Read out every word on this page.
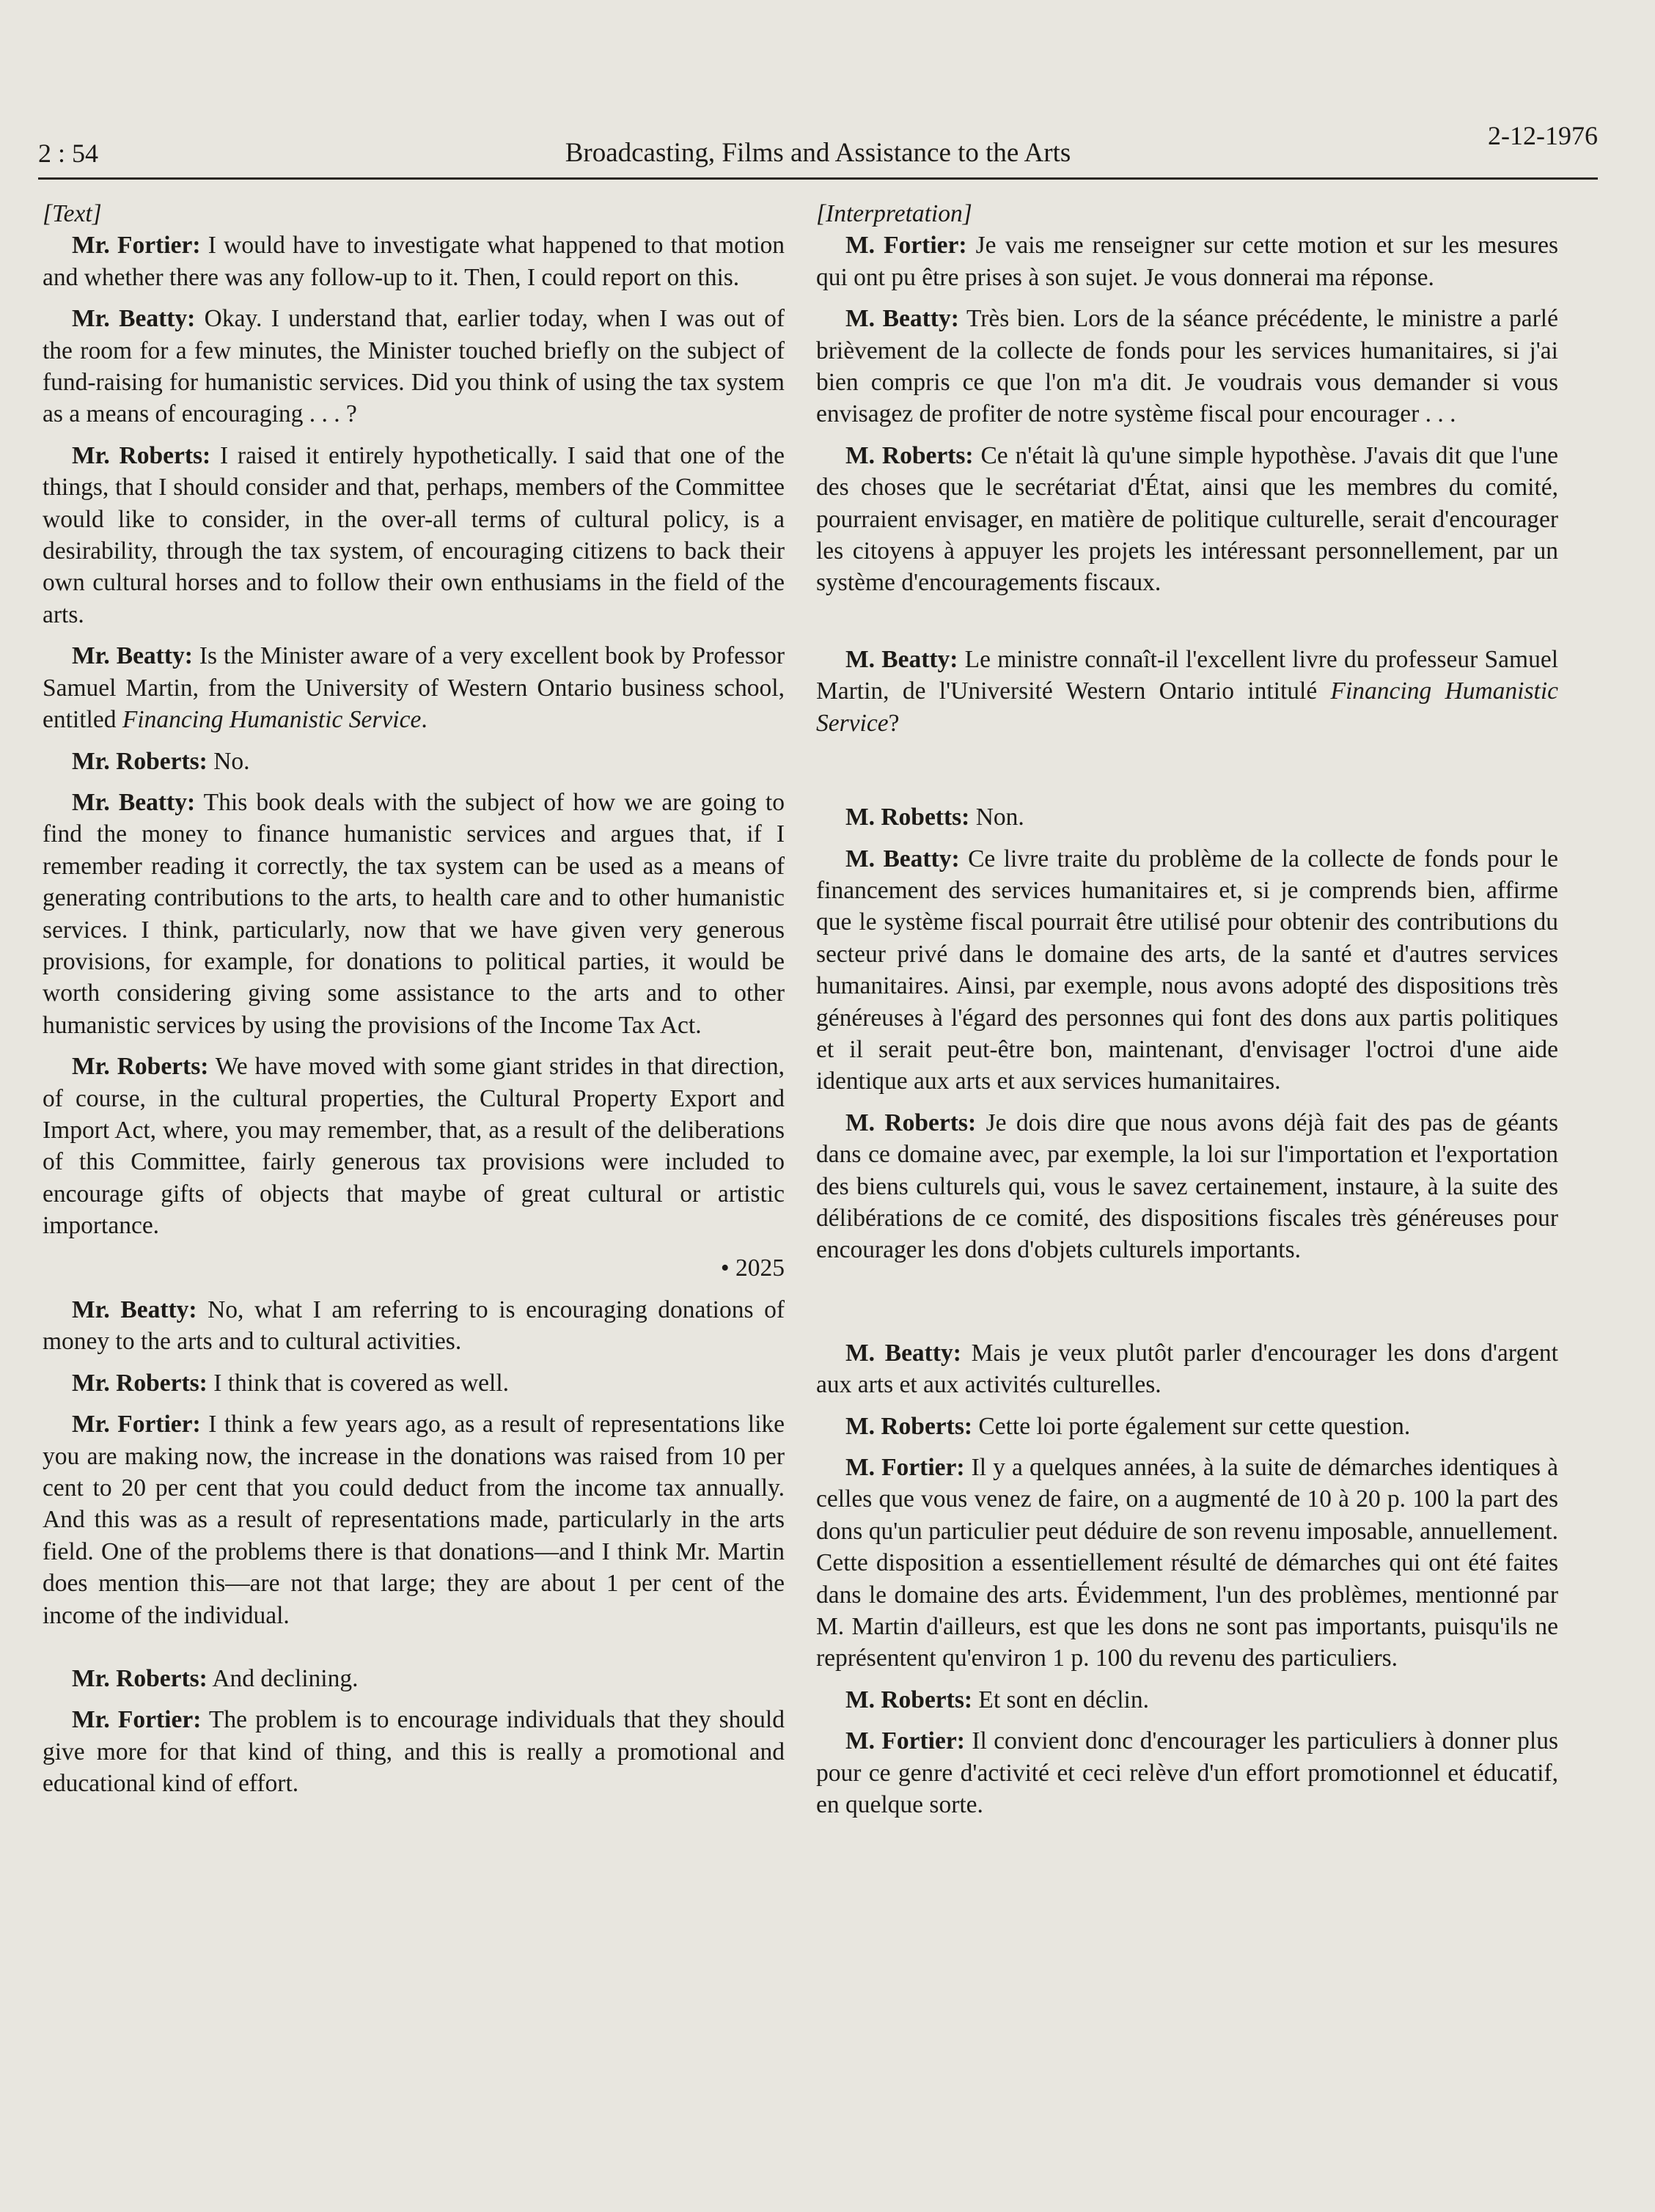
2 : 54	Broadcasting, Films and Assistance to the Arts
2-12-1976

[Text]

Mr. Fortier: I would have to investigate what happened to that motion and whether there was any follow-up to it. Then, I could report on this.

Mr. Beatty: Okay. I understand that, earlier today, when I was out of the room for a few minutes, the Minister touched briefly on the subject of fund-raising for humanistic services. Did you think of using the tax system as a means of encouraging . . . ?

Mr. Roberts: I raised it entirely hypothetically. I said that one of the things, that I should consider and that, perhaps, members of the Committee would like to consider, in the over-all terms of cultural policy, is a desirability, through the tax system, of encouraging citizens to back their own cultural horses and to follow their own enthusiams in the field of the arts.

Mr. Beatty: Is the Minister aware of a very excellent book by Professor Samuel Martin, from the University of Western Ontario business school, entitled Financing Humanistic Service.

Mr. Roberts: No.

Mr. Beatty: This book deals with the subject of how we are going to find the money to finance humanistic services and argues that, if I remember reading it correctly, the tax system can be used as a means of generating contributions to the arts, to health care and to other humanistic services. I think, particularly, now that we have given very generous provisions, for example, for donations to political parties, it would be worth considering giving some assistance to the arts and to other humanistic services by using the provisions of the Income Tax Act.

Mr. Roberts: We have moved with some giant strides in that direction, of course, in the cultural properties, the Cultural Property Export and Import Act, where, you may remember, that, as a result of the deliberations of this Committee, fairly generous tax provisions were included to encourage gifts of objects that maybe of great cultural or artistic importance.

• 2025

Mr. Beatty: No, what I am referring to is encouraging donations of money to the arts and to cultural activities.

Mr. Roberts: I think that is covered as well.

Mr. Fortier: I think a few years ago, as a result of representations like you are making now, the increase in the donations was raised from 10 per cent to 20 per cent that you could deduct from the income tax annually. And this was as a result of representations made, particularly in the arts field. One of the problems there is that donations—and I think Mr. Martin does mention this—are not that large; they are about 1 per cent of the income of the individual.

Mr. Roberts: And declining.

Mr. Fortier: The problem is to encourage individuals that they should give more for that kind of thing, and this is really a promotional and educational kind of effort.

[Interpretation]

M. Fortier: Je vais me renseigner sur cette motion et sur les mesures qui ont pu être prises à son sujet. Je vous donnerai ma réponse.

M. Beatty: Très bien. Lors de la séance précédente, le ministre a parlé brièvement de la collecte de fonds pour les services humanitaires, si j'ai bien compris ce que l'on m'a dit. Je voudrais vous demander si vous envisagez de profiter de notre système fiscal pour encourager . . .

M. Roberts: Ce n'était là qu'une simple hypothèse. J'avais dit que l'une des choses que le secrétariat d'État, ainsi que les membres du comité, pourraient envisager, en matière de politique culturelle, serait d'encourager les citoyens à appuyer les projets les intéressant personnellement, par un système d'encouragements fiscaux.

M. Beatty: Le ministre connaît-il l'excellent livre du professeur Samuel Martin, de l'Université Western Ontario intitulé Financing Humanistic Service?

M. Robetts: Non.

M. Beatty: Ce livre traite du problème de la collecte de fonds pour le financement des services humanitaires et, si je comprends bien, affirme que le système fiscal pourrait être utilisé pour obtenir des contributions du secteur privé dans le domaine des arts, de la santé et d'autres services humanitaires. Ainsi, par exemple, nous avons adopté des dispositions très généreuses à l'égard des personnes qui font des dons aux partis politiques et il serait peut-être bon, maintenant, d'envisager l'octroi d'une aide identique aux arts et aux services humanitaires.

M. Roberts: Je dois dire que nous avons déjà fait des pas de géants dans ce domaine avec, par exemple, la loi sur l'importation et l'exportation des biens culturels qui, vous le savez certainement, instaure, à la suite des délibérations de ce comité, des dispositions fiscales très généreuses pour encourager les dons d'objets culturels importants.

M. Beatty: Mais je veux plutôt parler d'encourager les dons d'argent aux arts et aux activités culturelles.

M. Roberts: Cette loi porte également sur cette question.

M. Fortier: Il y a quelques années, à la suite de démarches identiques à celles que vous venez de faire, on a augmenté de 10 à 20 p. 100 la part des dons qu'un particulier peut déduire de son revenu imposable, annuellement. Cette disposition a essentiellement résulté de démarches qui ont été faites dans le domaine des arts. Évidemment, l'un des problèmes, mentionné par M. Martin d'ailleurs, est que les dons ne sont pas importants, puisqu'ils ne représentent qu'environ 1 p. 100 du revenu des particuliers.

M. Roberts: Et sont en déclin.

M. Fortier: Il convient donc d'encourager les particuliers à donner plus pour ce genre d'activité et ceci relève d'un effort promotionnel et éducatif, en quelque sorte.
